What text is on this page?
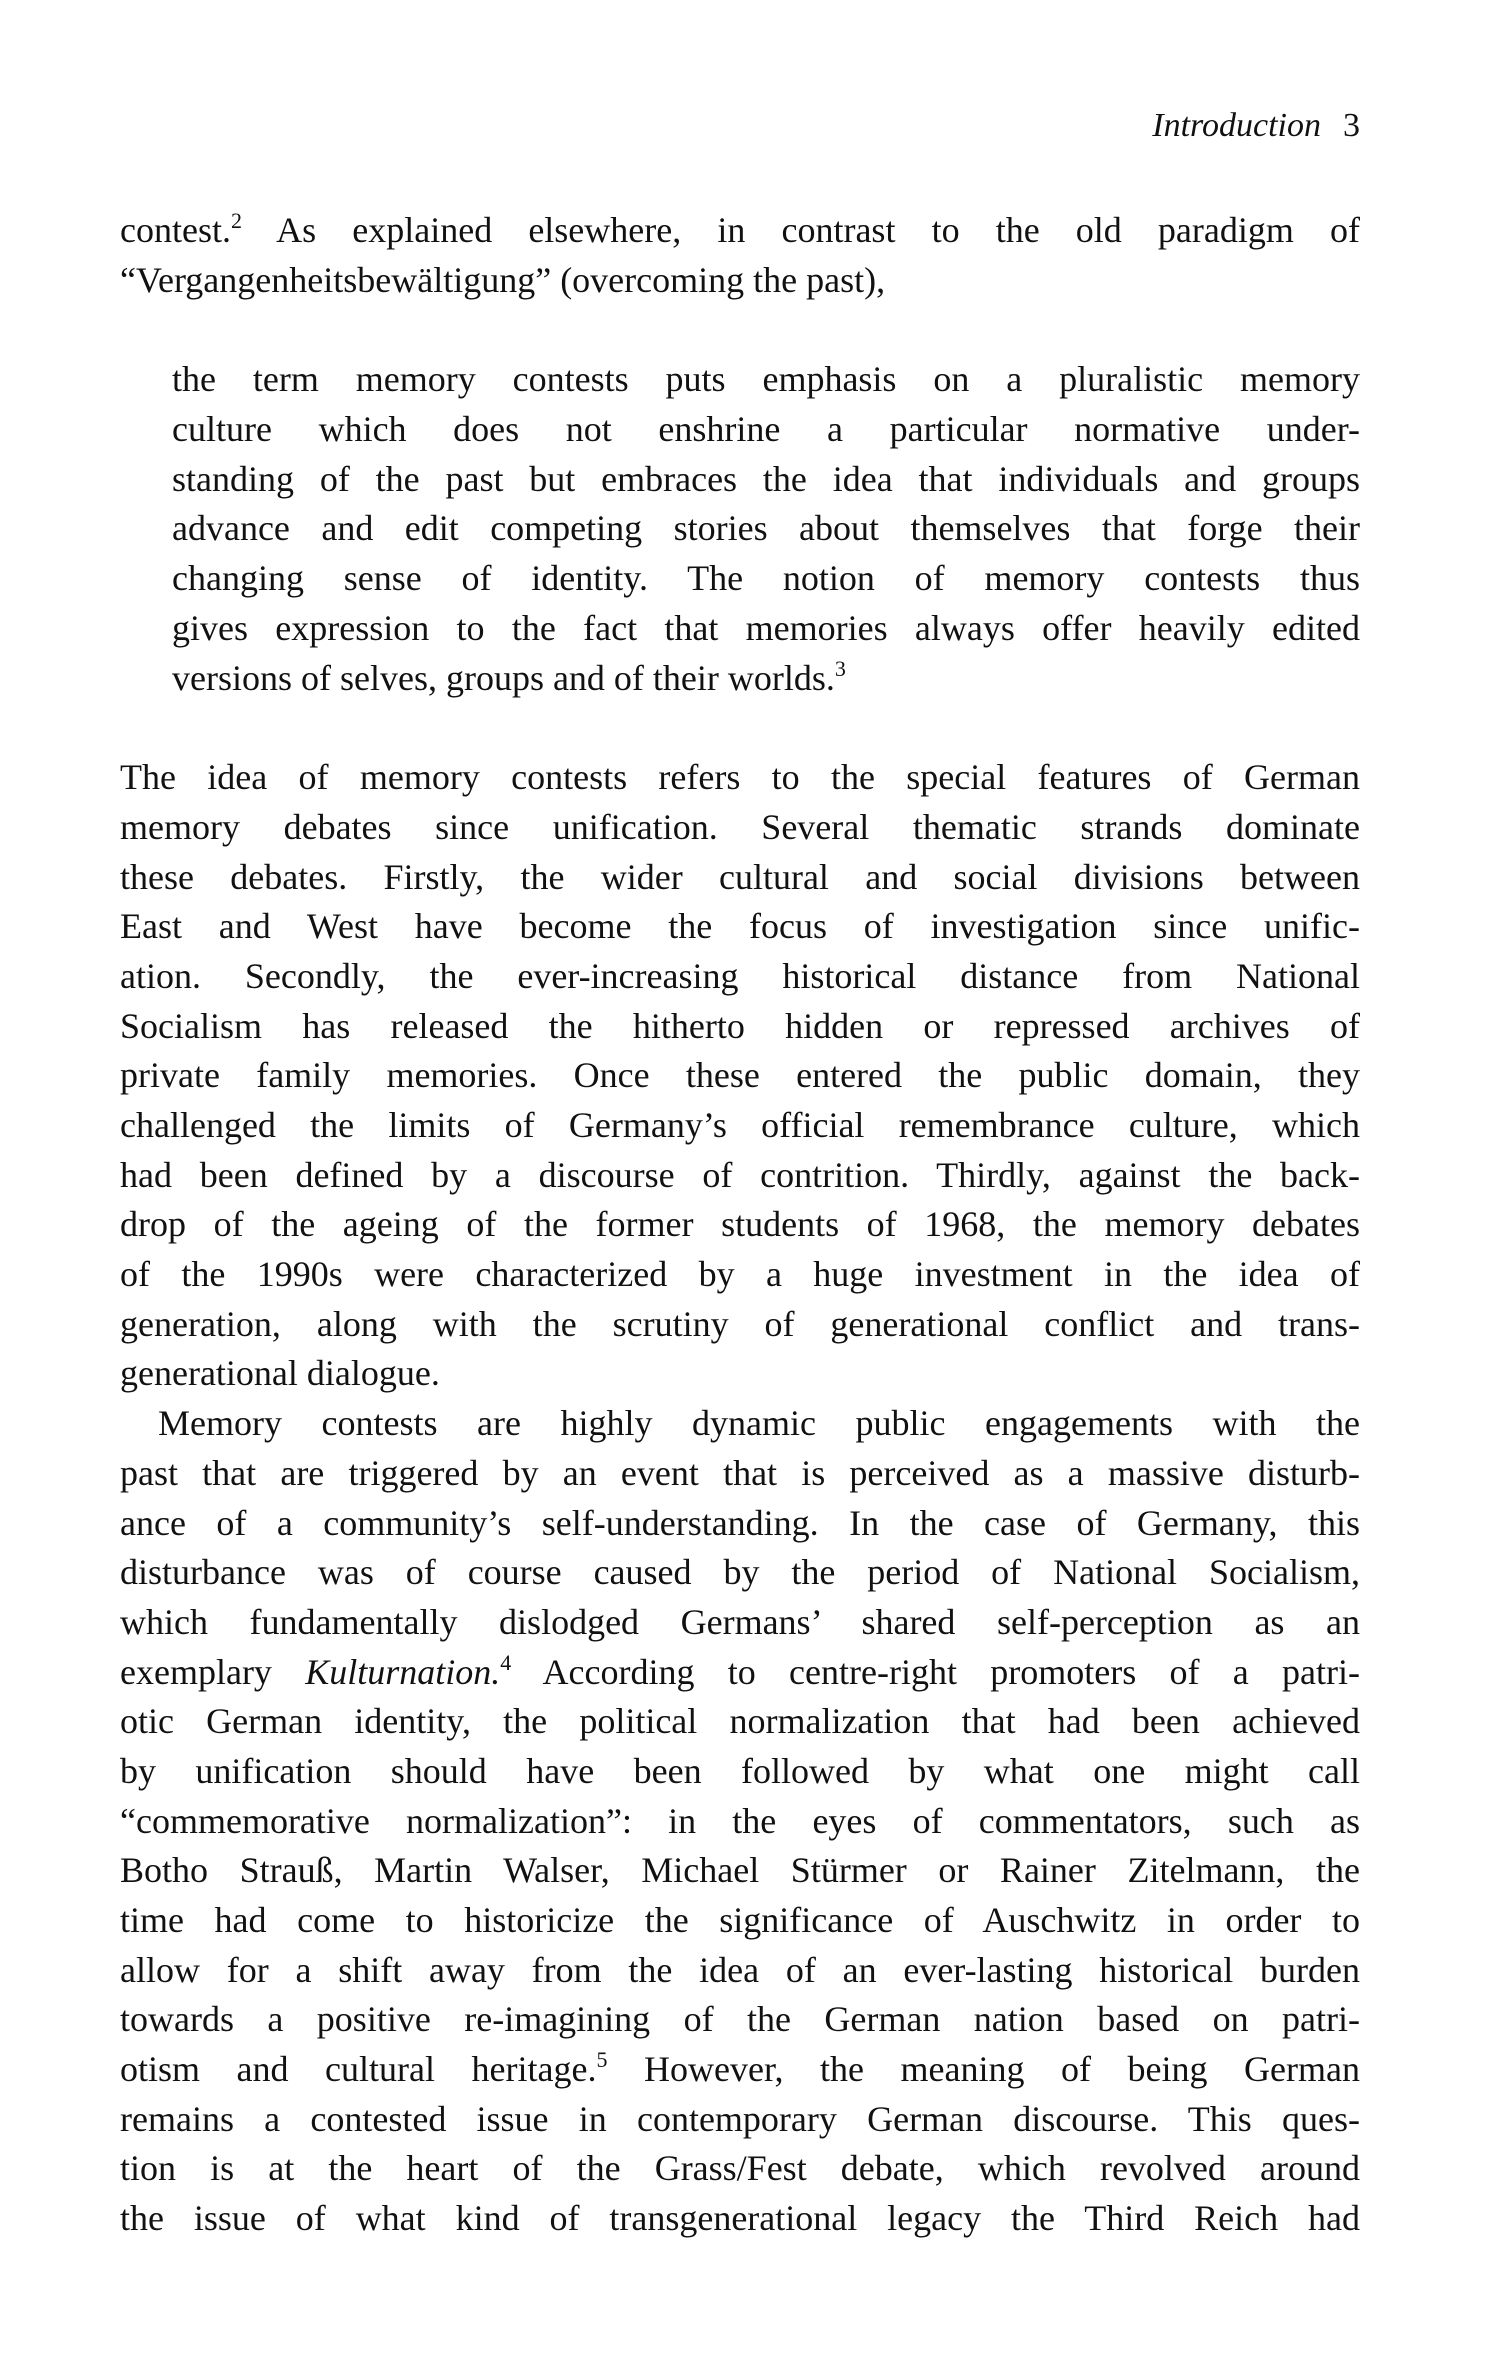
Introduction 3
contest.$^2$ As explained elsewhere, in contrast to the old paradigm of
“Vergangenheitsbewältigung” (overcoming the past),
the term memory contests puts emphasis on a pluralistic memory
culture which does not enshrine a particular normative under-
standing of the past but embraces the idea that individuals and groups
advance and edit competing stories about themselves that forge their
changing sense of identity. The notion of memory contests thus
gives expression to the fact that memories always offer heavily edited
versions of selves, groups and of their worlds.$^3$
The idea of memory contests refers to the special features of German
memory debates since unification. Several thematic strands dominate
these debates. Firstly, the wider cultural and social divisions between
East and West have become the focus of investigation since unific-
ation. Secondly, the ever-increasing historical distance from National
Socialism has released the hitherto hidden or repressed archives of
private family memories. Once these entered the public domain, they
challenged the limits of Germany’s official remembrance culture, which
had been defined by a discourse of contrition. Thirdly, against the back-
drop of the ageing of the former students of 1968, the memory debates
of the 1990s were characterized by a huge investment in the idea of
generation, along with the scrutiny of generational conflict and trans-
generational dialogue.
Memory contests are highly dynamic public engagements with the
past that are triggered by an event that is perceived as a massive disturb-
ance of a community’s self-understanding. In the case of Germany, this
disturbance was of course caused by the period of National Socialism,
which fundamentally dislodged Germans’ shared self-perception as an
exemplary Kulturnation.$^4$ According to centre-right promoters of a patri-
otic German identity, the political normalization that had been achieved
by unification should have been followed by what one might call
“commemorative normalization”: in the eyes of commentators, such as
Botho Strauß, Martin Walser, Michael Stürmer or Rainer Zitelmann, the
time had come to historicize the significance of Auschwitz in order to
allow for a shift away from the idea of an ever-lasting historical burden
towards a positive re-imagining of the German nation based on patri-
otism and cultural heritage.$^5$ However, the meaning of being German
remains a contested issue in contemporary German discourse. This ques-
tion is at the heart of the Grass/Fest debate, which revolved around
the issue of what kind of transgenerational legacy the Third Reich had
